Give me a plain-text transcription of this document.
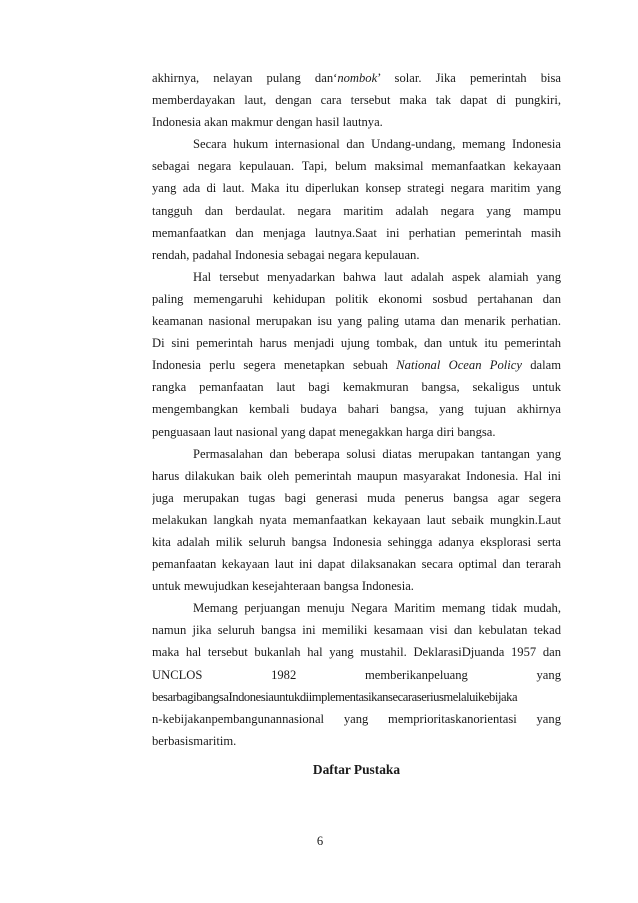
akhirnya, nelayan pulang dan‘nombok’ solar. Jika pemerintah bisa
memberdayakan laut, dengan cara tersebut maka tak dapat di pungkiri,
Indonesia akan makmur dengan hasil lautnya.
Secara hukum internasional dan Undang-undang, memang Indonesia
sebagai negara kepulauan. Tapi, belum maksimal memanfaatkan kekayaan
yang ada di laut. Maka itu diperlukan konsep strategi negara maritim yang
tangguh dan berdaulat. negara maritim adalah negara yang mampu
memanfaatkan dan menjaga lautnya.Saat ini perhatian pemerintah masih
rendah, padahal Indonesia sebagai negara kepulauan.
Hal tersebut menyadarkan bahwa laut adalah aspek alamiah yang
paling memengaruhi kehidupan politik ekonomi sosbud pertahanan dan
keamanan nasional merupakan isu yang paling utama dan menarik perhatian.
Di sini pemerintah harus menjadi ujung tombak, dan untuk itu pemerintah
Indonesia perlu segera menetapkan sebuah National Ocean Policy dalam
rangka pemanfaatan laut bagi kemakmuran bangsa, sekaligus untuk
mengembangkan kembali budaya bahari bangsa, yang tujuan akhirnya
penguasaan laut nasional yang dapat menegakkan harga diri bangsa.
Permasalahan dan beberapa solusi diatas merupakan tantangan yang
harus dilakukan baik oleh pemerintah maupun masyarakat Indonesia. Hal ini
juga merupakan tugas bagi generasi muda penerus bangsa agar segera
melakukan langkah nyata memanfaatkan kekayaan laut sebaik mungkin.Laut
kita adalah milik seluruh bangsa Indonesia sehingga adanya eksplorasi serta
pemanfaatan kekayaan laut ini dapat dilaksanakan secara optimal dan terarah
untuk mewujudkan kesejahteraan bangsa Indonesia.
Memang perjuangan menuju Negara Maritim memang tidak mudah,
namun jika seluruh bangsa ini memiliki kesamaan visi dan kebulatan tekad
maka hal tersebut bukanlah hal yang mustahil. DeklarasiDjuanda 1957 dan
UNCLOS 1982 memberikanpeluang yang
besarbagibangsaIndonesiauntukdiimplementasikansecaraseriusmelaluikebijaka
n-kebijakanpembangunannasional yang memprioritaskanorientasi yang
berbasismaritim.
Daftar Pustaka
6
